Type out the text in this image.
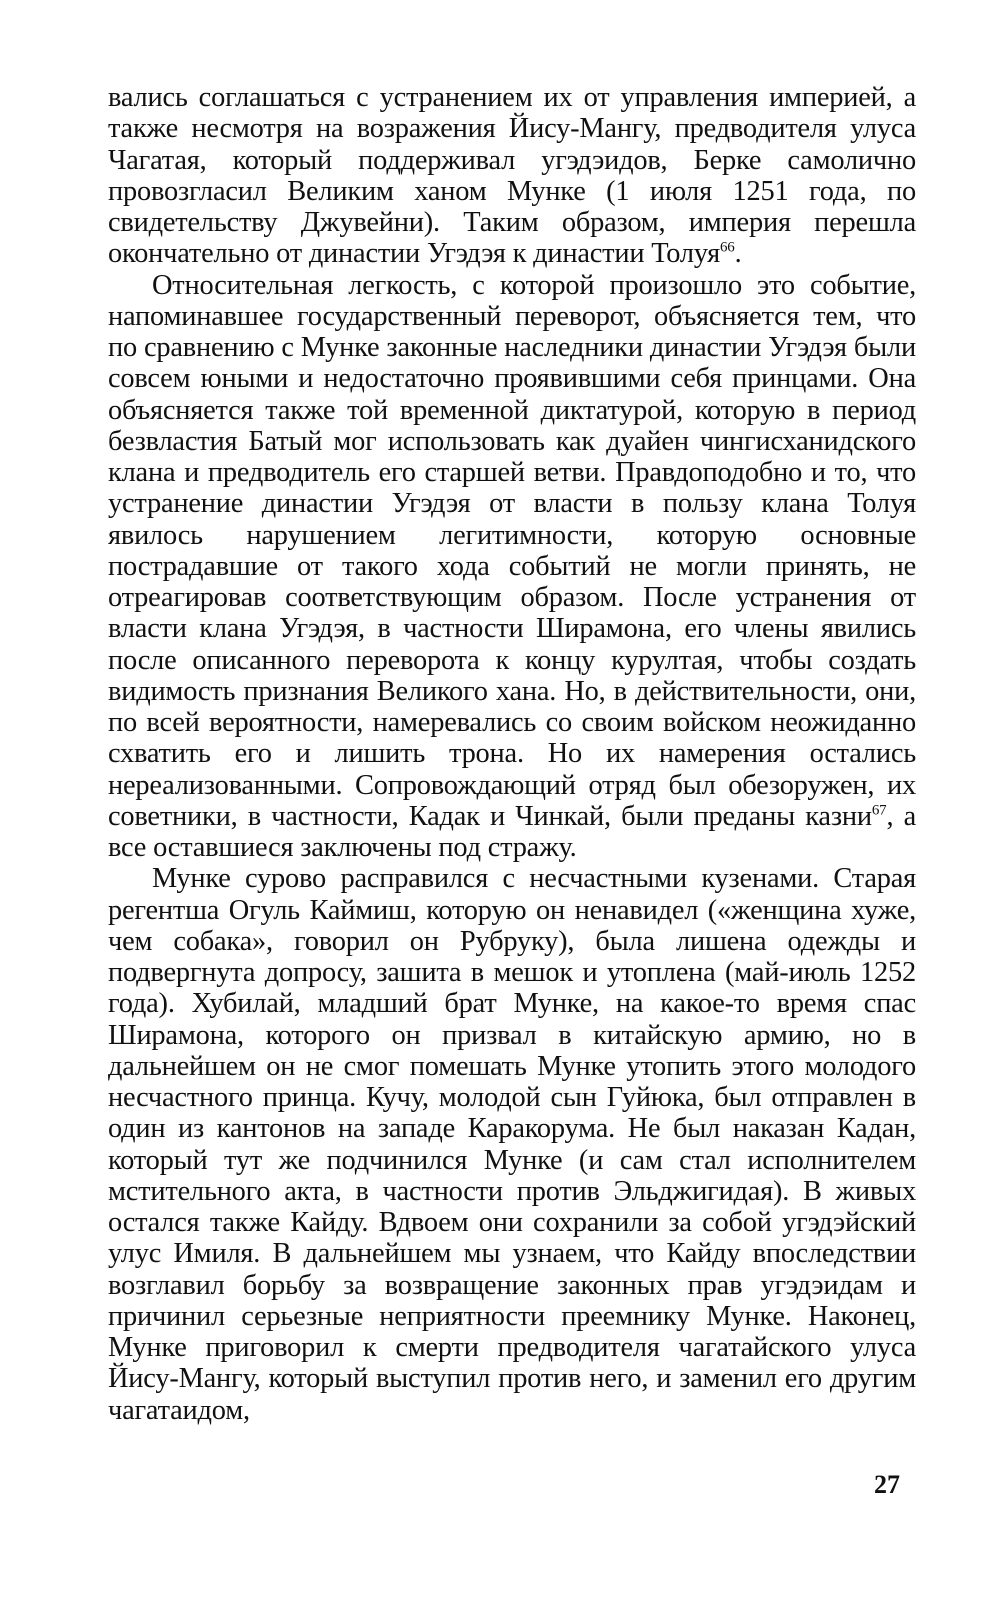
вались соглашаться с устранением их от управления империей, а также несмотря на возражения Йису-Мангу, предводителя улуса Чагатая, который поддерживал угэдэидов, Берке самолично провозгласил Великим ханом Мунке (1 июля 1251 года, по свидетельству Джувейни). Таким образом, империя перешла окончательно от династии Угэдэя к династии Толуя$^{66}$.

Относительная легкость, с которой произошло это событие, напоминавшее государственный переворот, объясняется тем, что по сравнению с Мунке законные наследники династии Угэдэя были совсем юными и недостаточно проявившими себя принцами. Она объясняется также той временной диктатурой, которую в период безвластия Батый мог использовать как дуайен чингисханидского клана и предводитель его старшей ветви. Правдоподобно и то, что устранение династии Угэдэя от власти в пользу клана Толуя явилось нарушением легитимности, которую основные пострадавшие от такого хода событий не могли принять, не отреагировав соответствующим образом. После устранения от власти клана Угэдэя, в частности Ширамона, его члены явились после описанного переворота к концу курултая, чтобы создать видимость признания Великого хана. Но, в действительности, они, по всей вероятности, намеревались со своим войском неожиданно схватить его и лишить трона. Но их намерения остались нереализованными. Сопровождающий отряд был обезоружен, их советники, в частности, Кадак и Чинкай, были преданы казни$^{67}$, а все оставшиеся заключены под стражу.

Мунке сурово расправился с несчастными кузенами. Старая регентша Огуль Каймиш, которую он ненавидел («женщина хуже, чем собака», говорил он Рубруку), была лишена одежды и подвергнута допросу, зашита в мешок и утоплена (май-июль 1252 года). Хубилай, младший брат Мунке, на какое-то время спас Ширамона, которого он призвал в китайскую армию, но в дальнейшем он не смог помешать Мунке утопить этого молодого несчастного принца. Кучу, молодой сын Гуйюка, был отправлен в один из кантонов на западе Каракорума. Не был наказан Кадан, который тут же подчинился Мунке (и сам стал исполнителем мстительного акта, в частности против Эльджигидая). В живых остался также Кайду. Вдвоем они сохранили за собой угэдэйский улус Имиля. В дальнейшем мы узнаем, что Кайду впоследствии возглавил борьбу за возвращение законных прав угэдэидам и причинил серьезные неприятности преемнику Мунке. Наконец, Мунке приговорил к смерти предводителя чагатайского улуса Йису-Мангу, который выступил против него, и заменил его другим чагатаидом,

27
